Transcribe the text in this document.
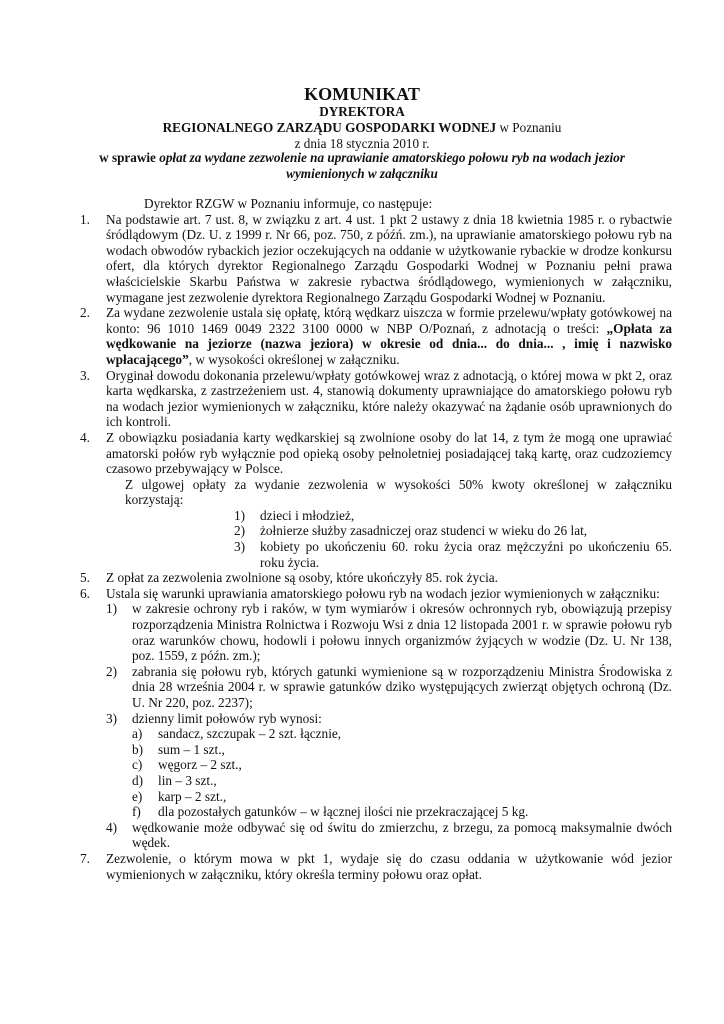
KOMUNIKAT
DYREKTORA
REGIONALNEGO ZARZĄDU GOSPODARKI WODNEJ w Poznaniu
z dnia 18 stycznia 2010 r.
w sprawie opłat za wydane zezwolenie na uprawianie amatorskiego połowu ryb na wodach jezior wymienionych w załączniku

Dyrektor RZGW w Poznaniu informuje, co następuje:

1.	Na podstawie art. 7 ust. 8, w związku z art. 4 ust. 1 pkt 2 ustawy z dnia 18 kwietnia 1985 r. o rybactwie śródlądowym (Dz. U. z 1999 r. Nr 66, poz. 750, z późń. zm.), na uprawianie amatorskiego połowu ryb na wodach obwodów rybackich jezior oczekujących na oddanie w użytkowanie rybackie w drodze konkursu ofert, dla których dyrektor Regionalnego Zarządu Gospodarki Wodnej w Poznaniu pełni prawa właścicielskie Skarbu Państwa w zakresie rybactwa śródlądowego, wymienionych w załączniku, wymagane jest zezwolenie dyrektora Regionalnego Zarządu Gospodarki Wodnej w Poznaniu.
2.	Za wydane zezwolenie ustala się opłatę, którą wędkarz uiszcza w formie przelewu/wpłaty gotówkowej na konto: 96 1010 1469 0049 2322 3100 0000 w NBP O/Poznań, z adnotacją o treści: „Opłata za wędkowanie na jeziorze (nazwa jeziora) w okresie od dnia... do dnia... , imię i nazwisko wpłacającego”, w wysokości określonej w załączniku.
3.	Oryginał dowodu dokonania przelewu/wpłaty gotówkowej wraz z adnotacją, o której mowa w pkt 2, oraz karta wędkarska, z zastrzeżeniem ust. 4, stanowią dokumenty uprawniające do amatorskiego połowu ryb na wodach jezior wymienionych w załączniku, które należy okazywać na żądanie osób uprawnionych do ich kontroli.
4.	Z obowiązku posiadania karty wędkarskiej są zwolnione osoby do lat 14, z tym że mogą one uprawiać amatorski połów ryb wyłącznie pod opieką osoby pełnoletniej posiadającej taką kartę, oraz cudzoziemcy czasowo przebywający w Polsce.
Z ulgowej opłaty za wydanie zezwolenia w wysokości 50% kwoty określonej w załączniku korzystają:
1) dzieci i młodzież,
2) żołnierze służby zasadniczej oraz studenci w wieku do 26 lat,
3) kobiety po ukończeniu 60. roku życia oraz mężczyźni po ukończeniu 65. roku życia.
5.	Z opłat za zezwolenia zwolnione są osoby, które ukończyły 85. rok życia.
6.	Ustala się warunki uprawiania amatorskiego połowu ryb na wodach jezior wymienionych w załączniku:
1) w zakresie ochrony ryb i raków, w tym wymiarów i okresów ochronnych ryb, obowiązują przepisy rozporządzenia Ministra Rolnictwa i Rozwoju Wsi z dnia 12 listopada 2001 r. w sprawie połowu ryb oraz warunków chowu, hodowli i połowu innych organizmów żyjących w wodzie (Dz. U. Nr 138, poz. 1559, z późn. zm.);
2) zabrania się połowu ryb, których gatunki wymienione są w rozporządzeniu Ministra Środowiska z dnia 28 września 2004 r. w sprawie gatunków dziko występujących zwierząt objętych ochroną (Dz. U. Nr 220, poz. 2237);
3) dzienny limit połowów ryb wynosi:
a) sandacz, szczupak – 2 szt. łącznie,
b) sum – 1 szt.,
c) węgorz – 2 szt.,
d) lin – 3 szt.,
e) karp – 2 szt.,
f) dla pozostałych gatunków – w łącznej ilości nie przekraczającej 5 kg.
4) wędkowanie może odbywać się od świtu do zmierzchu, z brzegu, za pomocą maksymalnie dwóch wędek.
7.	Zezwolenie, o którym mowa w pkt 1, wydaje się do czasu oddania w użytkowanie wód jezior wymienionych w załączniku, który określa terminy połowu oraz opłat.
